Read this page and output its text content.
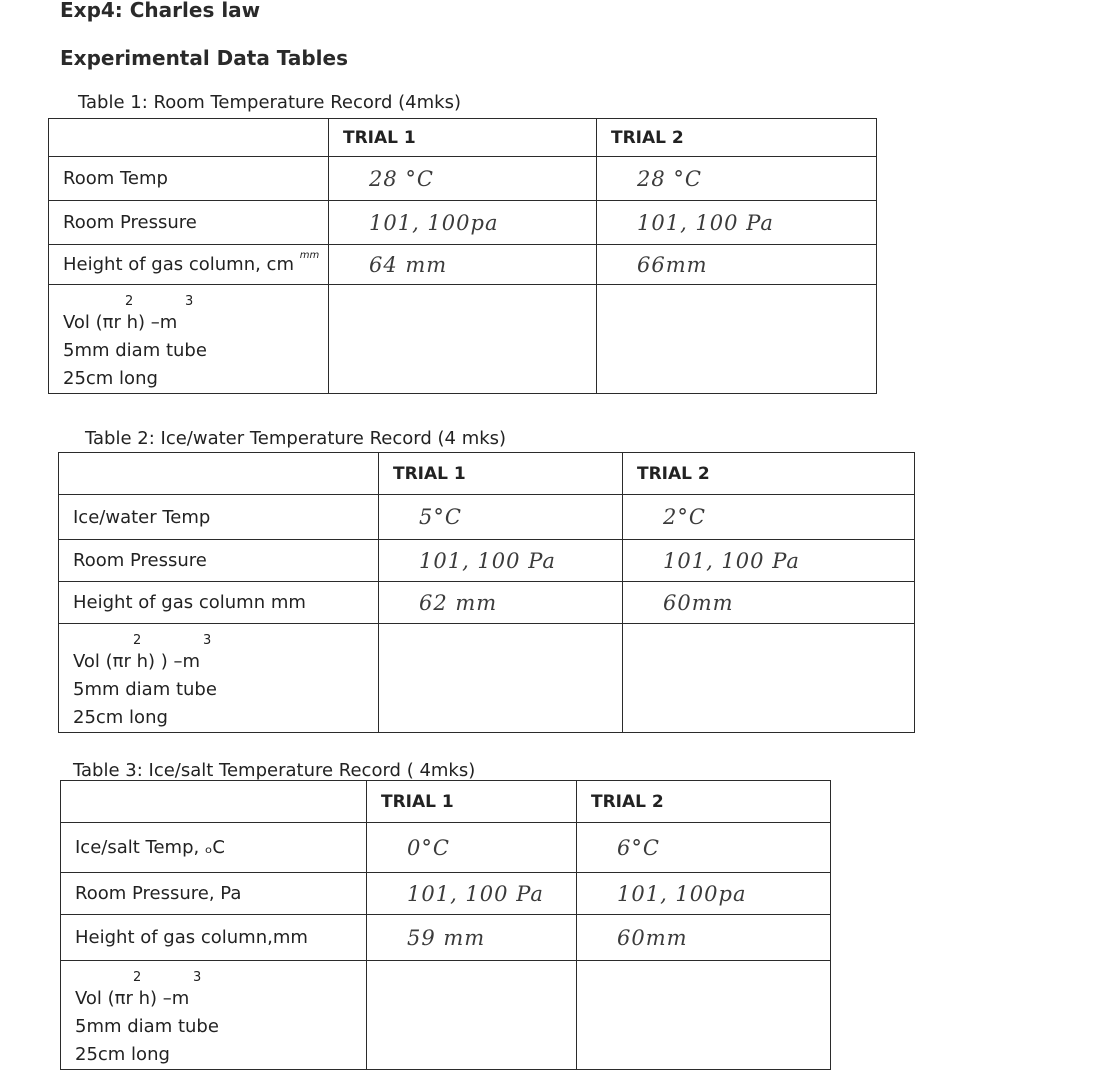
Exp4: Charles law
Experimental Data Tables
Table 1: Room Temperature Record (4mks)
	TRIAL 1	TRIAL 2
Room Temp	28 °C	28 °C
Room Pressure	101, 100pa	101, 100 Pa
Height of gas column, cm $^{mm}$	64 mm	66mm

2 3
Vol (πr h) –m
5mm diam tube
25cm long		

Table 2: Ice/water Temperature Record (4 mks)
	TRIAL 1	TRIAL 2
Ice/water Temp	5°C	2°C
Room Pressure	101, 100 Pa	101, 100 Pa
Height of gas column mm	62 mm	60mm

2 3
Vol (πr h) ) –m
5mm diam tube
25cm long		

Table 3: Ice/salt Temperature Record ( 4mks)
	TRIAL 1	TRIAL 2
Ice/salt Temp, ₒC	0°C	6°C
Room Pressure, Pa	101, 100 Pa	101, 100pa
Height of gas column,mm	59 mm	60mm

2 3
Vol (πr h) –m
5mm diam tube
25cm long		
